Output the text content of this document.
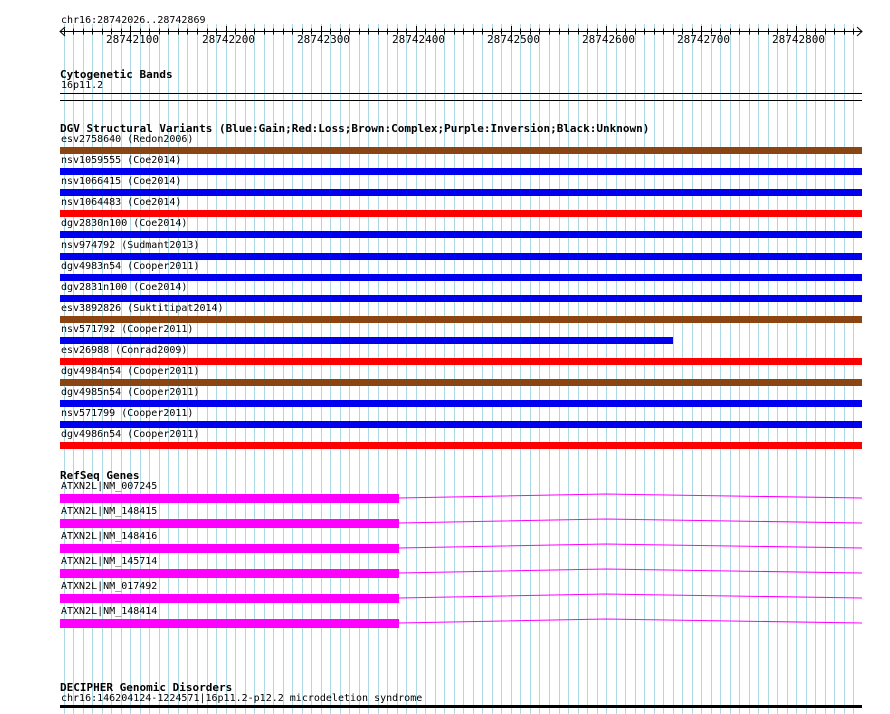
chr16:28742026..28742869
28742100	28742200	28742300	28742400	28742500	28742600	28742700	28742800
Cytogenetic Bands
16p11.2
DGV Structural Variants (Blue:Gain;Red:Loss;Brown:Complex;Purple:Inversion;Black:Unknown)
esv2758640 (Redon2006)
nsv1059555 (Coe2014)
nsv1066415 (Coe2014)
nsv1064483 (Coe2014)
dgv2830n100 (Coe2014)
nsv974792 (Sudmant2013)
dgv4983n54 (Cooper2011)
dgv2831n100 (Coe2014)
esv3892826 (Suktitipat2014)
nsv571792 (Cooper2011)
esv26988 (Conrad2009)
dgv4984n54 (Cooper2011)
dgv4985n54 (Cooper2011)
nsv571799 (Cooper2011)
dgv4986n54 (Cooper2011)
RefSeq Genes
ATXN2L|NM_007245
ATXN2L|NM_148415
ATXN2L|NM_148416
ATXN2L|NM_145714
ATXN2L|NM_017492
ATXN2L|NM_148414
DECIPHER Genomic Disorders
chr16:146204124-1224571|16p11.2-p12.2 microdeletion syndrome
